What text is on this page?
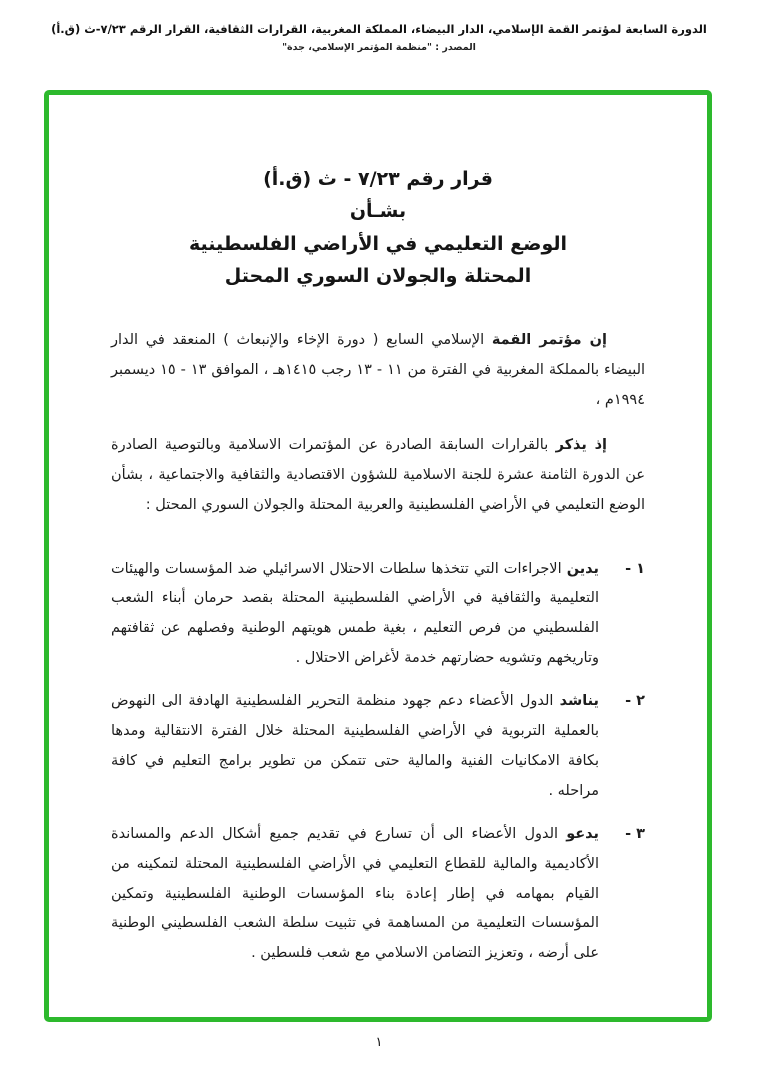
الدورة السابعة لمؤتمر القمة الإسلامي، الدار البيضاء، المملكة المغربية، القرارات الثقافية، القرار الرقم ٧/٢٣-ث (ق.أ)
المصدر : "منظمة المؤتمر الإسلامي، جدة"
قرار رقم ٧/٢٣ - ث (ق.أ)
بشـأن
الوضع التعليمي في الأراضي الفلسطينية
المحتلة والجولان السوري المحتل

إن مؤتمر القمة الإسلامي السابع ( دورة الإخاء والإنبعاث ) المنعقد في الدار البيضاء بالمملكة المغربية في الفترة من ١١ - ١٣ رجب ١٤١٥هـ ، الموافق ١٣ - ١٥ ديسمبر ١٩٩٤م ،

إذ يذكر بالقرارات السابقة الصادرة عن المؤتمرات الاسلامية وبالتوصية الصادرة عن الدورة الثامنة عشرة للجنة الاسلامية للشؤون الاقتصادية والثقافية والاجتماعية ، بشأن الوضع التعليمي في الأراضي الفلسطينية والعربية المحتلة والجولان السوري المحتل :

١ -
يدين الاجراءات التي تتخذها سلطات الاحتلال الاسرائيلي ضد المؤسسات والهيئات التعليمية والثقافية في الأراضي الفلسطينية المحتلة بقصد حرمان أبناء الشعب الفلسطيني من فرص التعليم ، بغية طمس هويتهم الوطنية وفصلهم عن ثقافتهم وتاريخهم وتشويه حضارتهم خدمة لأغراض الاحتلال .
٢ -
يناشد الدول الأعضاء دعم جهود منظمة التحرير الفلسطينية الهادفة الى النهوض بالعملية التربوية في الأراضي الفلسطينية المحتلة خلال الفترة الانتقالية ومدها بكافة الامكانيات الفنية والمالية حتى تتمكن من تطوير برامج التعليم في كافة مراحله .
٣ -
يدعو الدول الأعضاء الى أن تسارع في تقديم جميع أشكال الدعم والمساندة الأكاديمية والمالية للقطاع التعليمي في الأراضي الفلسطينية المحتلة لتمكينه من القيام بمهامه في إطار إعادة بناء المؤسسات الوطنية الفلسطينية وتمكين المؤسسات التعليمية من المساهمة في تثبيت سلطة الشعب الفلسطيني الوطنية على أرضه ، وتعزيز التضامن الاسلامي مع شعب فلسطين .
١
